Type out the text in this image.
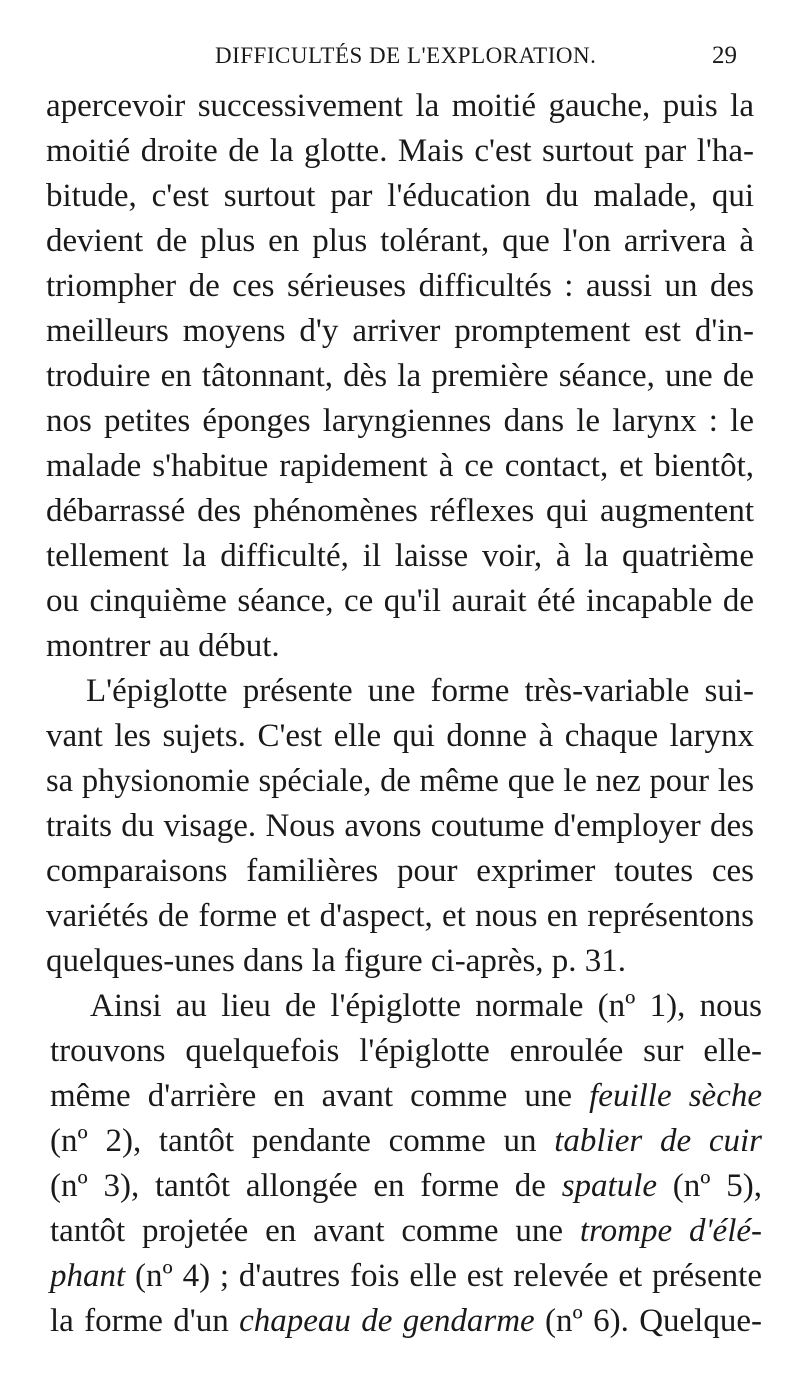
DIFFICULTÉS DE L'EXPLORATION.	29
apercevoir successivement la moitié gauche, puis la
moitié droite de la glotte. Mais c'est surtout par l'ha-
bitude, c'est surtout par l'éducation du malade, qui
devient de plus en plus tolérant, que l'on arrivera à
triompher de ces sérieuses difficultés : aussi un des
meilleurs moyens d'y arriver promptement est d'in-
troduire en tâtonnant, dès la première séance, une de
nos petites éponges laryngiennes dans le larynx : le
malade s'habitue rapidement à ce contact, et bientôt,
débarrassé des phénomènes réflexes qui augmentent
tellement la difficulté, il laisse voir, à la quatrième
ou cinquième séance, ce qu'il aurait été incapable de
montrer au début.
L'épiglotte présente une forme très-variable sui-
vant les sujets. C'est elle qui donne à chaque larynx
sa physionomie spéciale, de même que le nez pour les
traits du visage. Nous avons coutume d'employer des
comparaisons familières pour exprimer toutes ces
variétés de forme et d'aspect, et nous en représentons
quelques-unes dans la figure ci-après, p. 31.
Ainsi au lieu de l'épiglotte normale (nº 1), nous
trouvons quelquefois l'épiglotte enroulée sur elle-
même d'arrière en avant comme une feuille sèche
(nº 2), tantôt pendante comme un tablier de cuir
(nº 3), tantôt allongée en forme de spatule (nº 5),
tantôt projetée en avant comme une trompe d'élé-
phant (nº 4) ; d'autres fois elle est relevée et présente
la forme d'un chapeau de gendarme (nº 6). Quelque-
